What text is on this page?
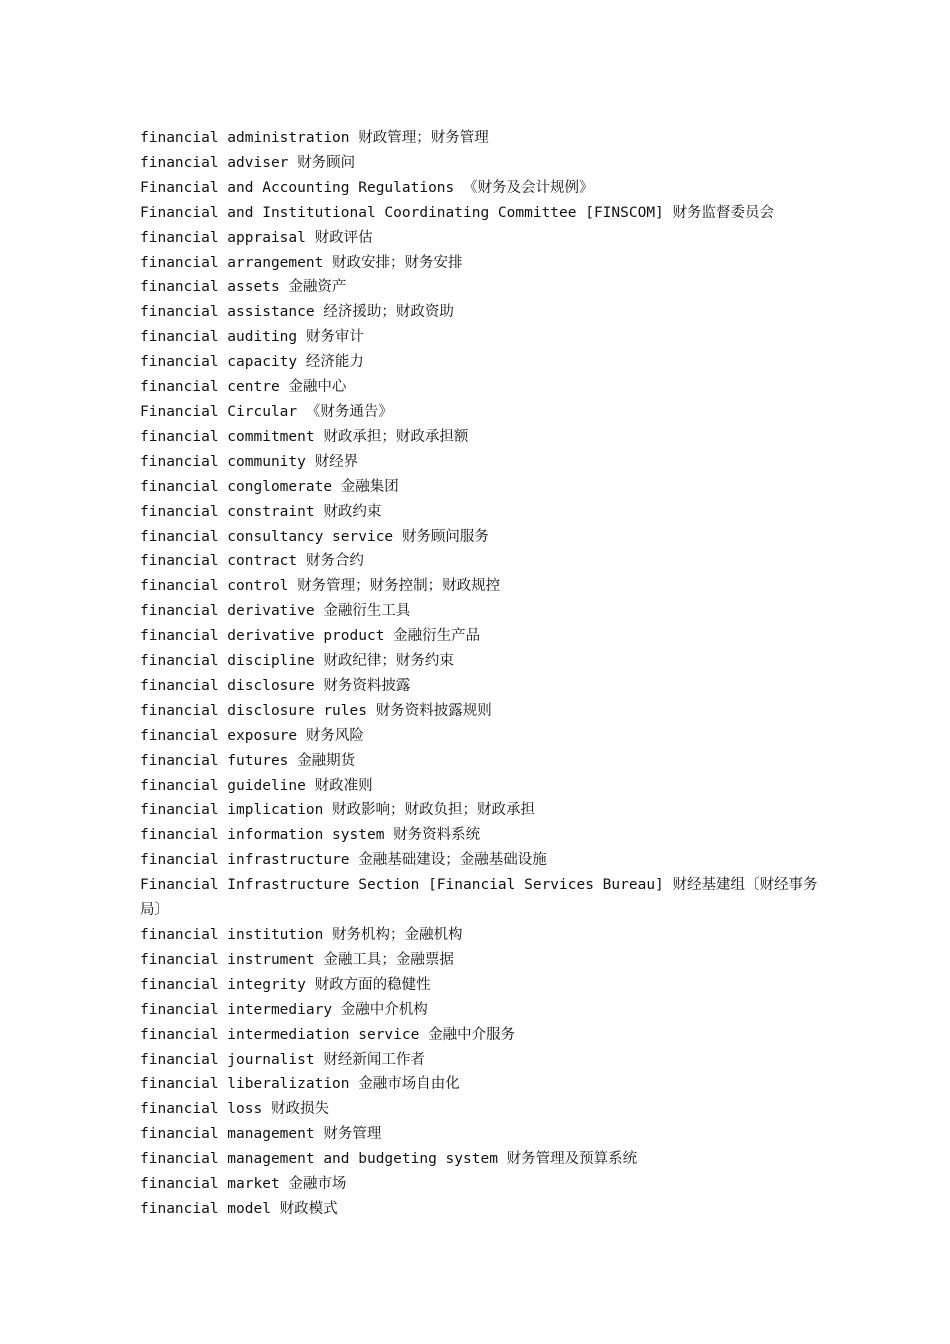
financial administration 财政管理；财务管理
financial adviser 财务顾问
Financial and Accounting Regulations 《财务及会计规例》
Financial and Institutional Coordinating Committee [FINSCOM] 财务监督委员会
financial appraisal 财政评估
financial arrangement 财政安排；财务安排
financial assets 金融资产
financial assistance 经济援助；财政资助
financial auditing 财务审计
financial capacity 经济能力
financial centre 金融中心
Financial Circular 《财务通告》
financial commitment 财政承担；财政承担额
financial community 财经界
financial conglomerate 金融集团
financial constraint 财政约束
financial consultancy service 财务顾问服务
financial contract 财务合约
financial control 财务管理；财务控制；财政规控
financial derivative 金融衍生工具
financial derivative product 金融衍生产品
financial discipline 财政纪律；财务约束
financial disclosure 财务资料披露
financial disclosure rules 财务资料披露规则
financial exposure 财务风险
financial futures 金融期货
financial guideline 财政准则
financial implication 财政影响；财政负担；财政承担
financial information system 财务资料系统
financial infrastructure 金融基础建设；金融基础设施
Financial Infrastructure Section [Financial Services Bureau] 财经基建组〔财经事务局〕
financial institution 财务机构；金融机构
financial instrument 金融工具；金融票据
financial integrity 财政方面的稳健性
financial intermediary 金融中介机构
financial intermediation service 金融中介服务
financial journalist 财经新闻工作者
financial liberalization 金融市场自由化
financial loss 财政损失
financial management 财务管理
financial management and budgeting system 财务管理及预算系统
financial market 金融市场
financial model 财政模式
